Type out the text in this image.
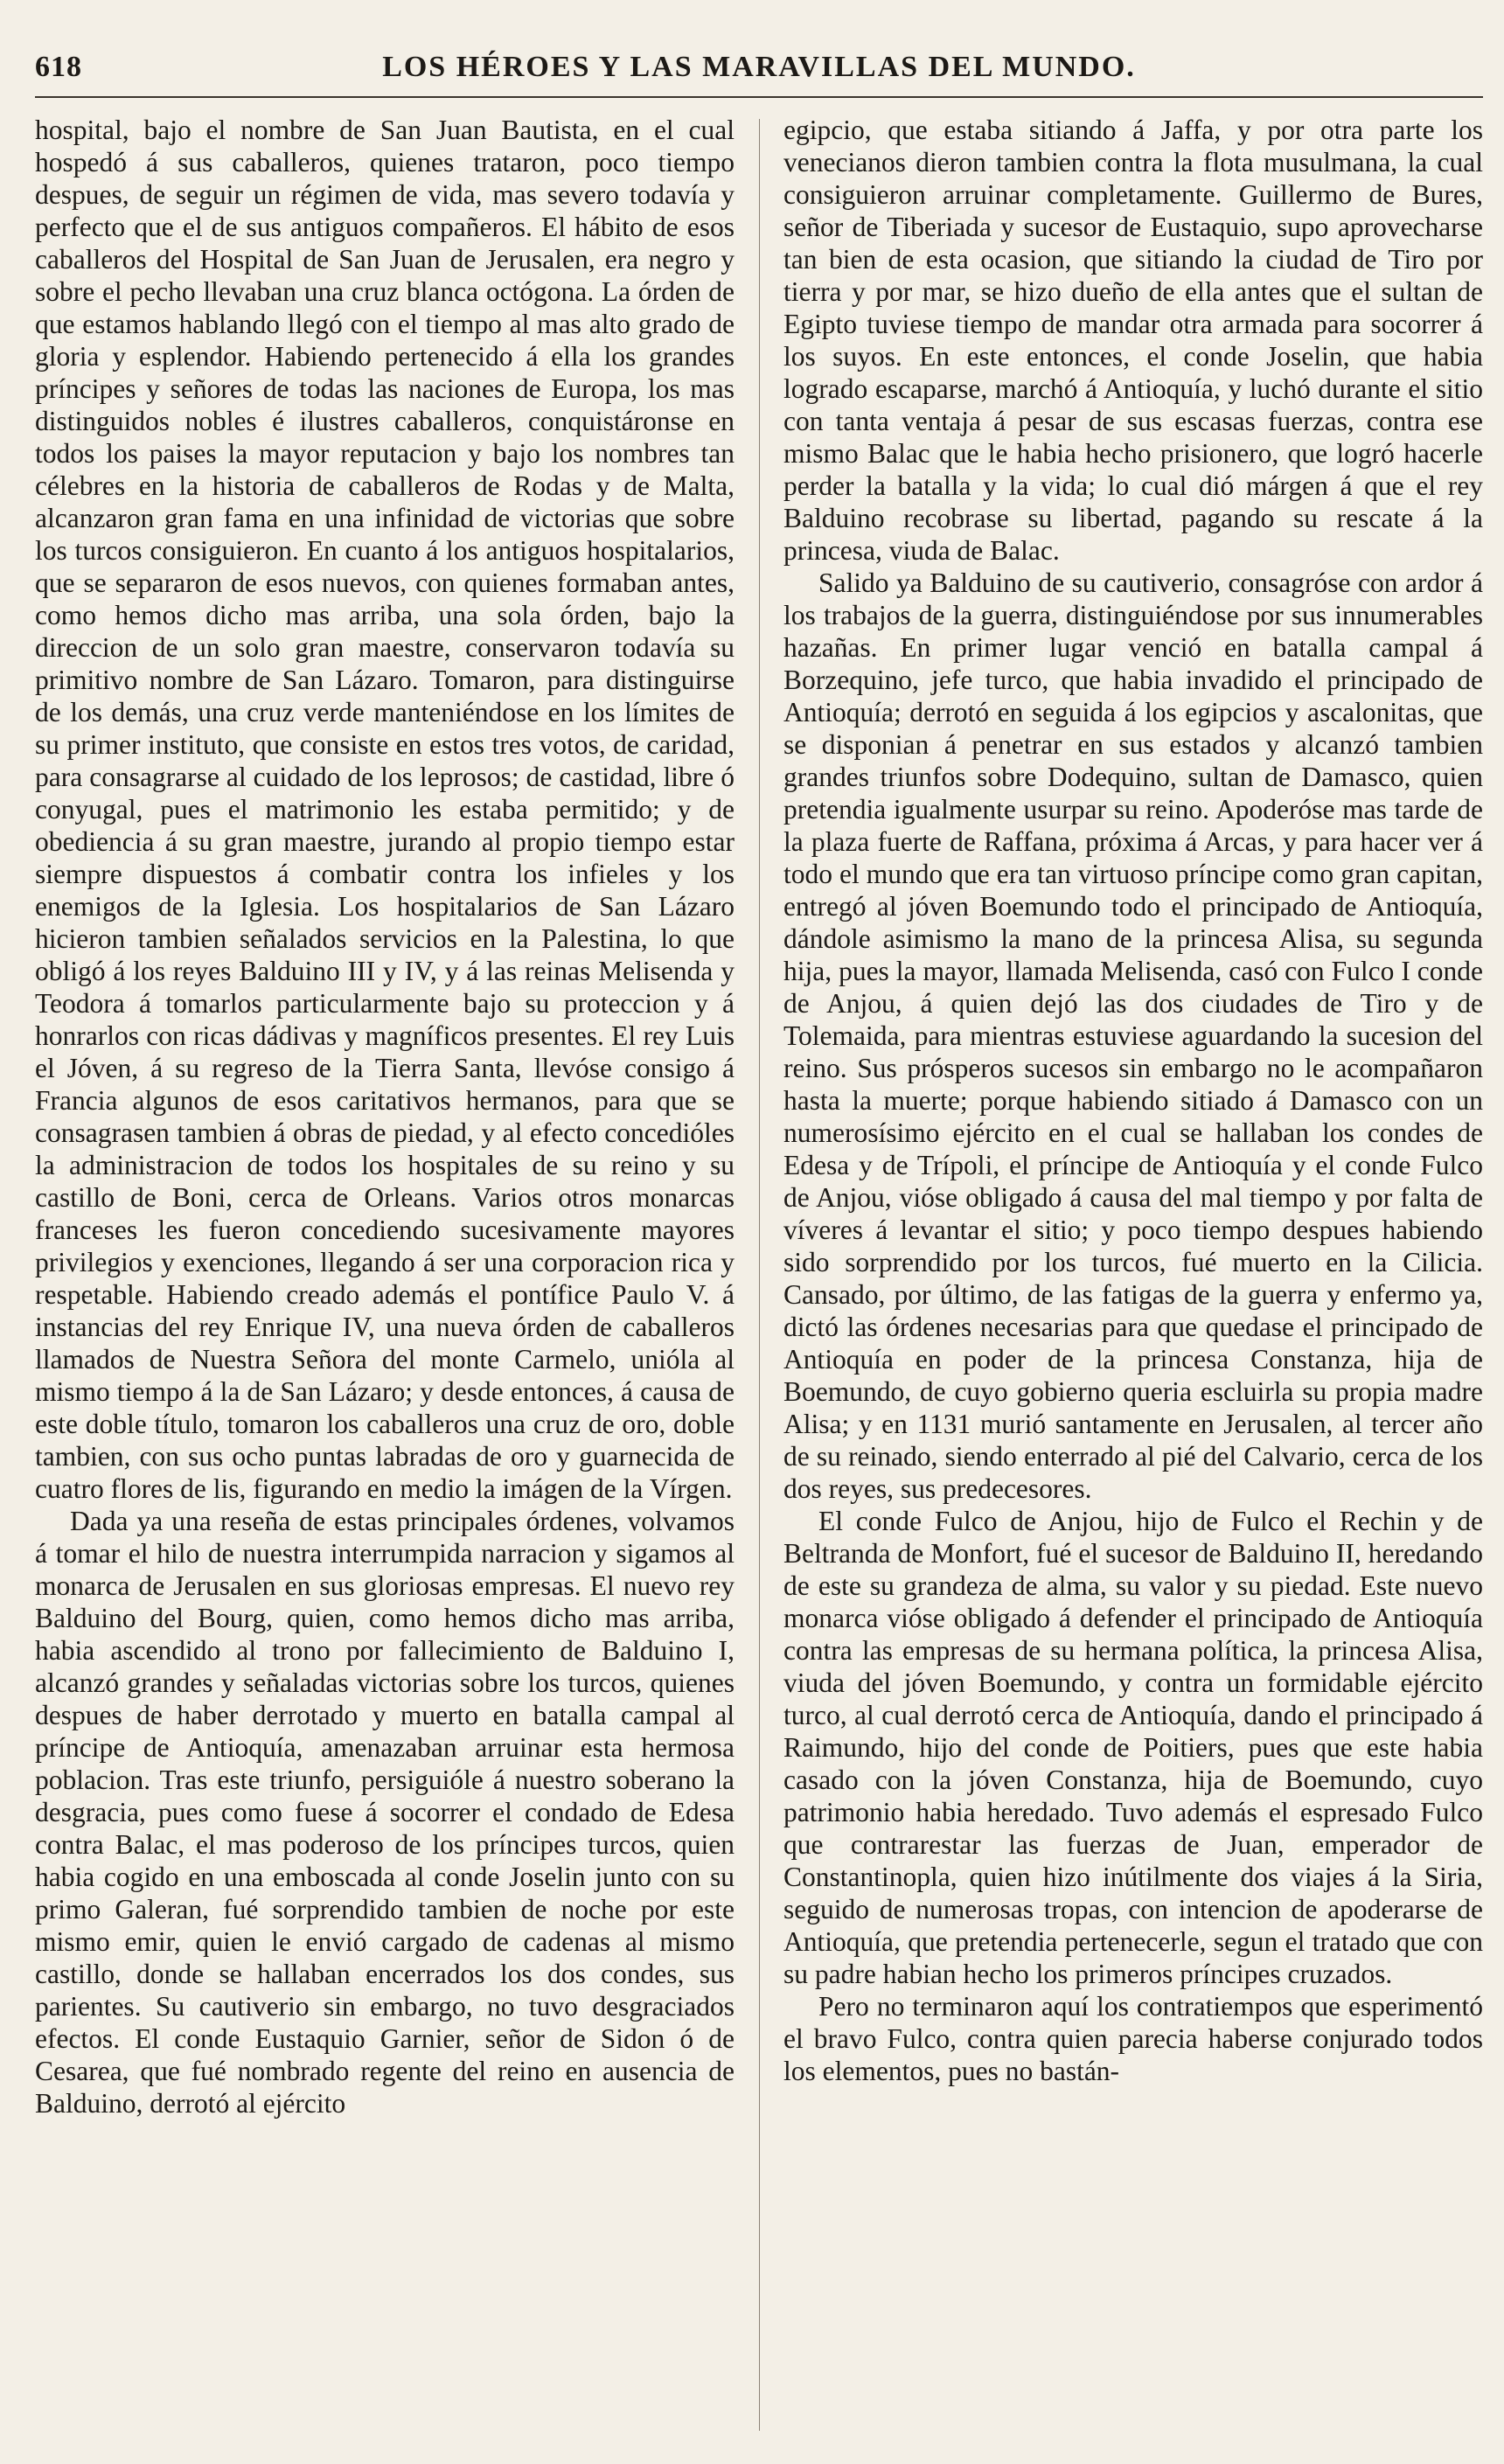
618	LOS HÉROES Y LAS MARAVILLAS DEL MUNDO.

hospital, bajo el nombre de San Juan Bautista, en el cual hospedó á sus caballeros, quienes trataron, poco tiempo despues, de seguir un régimen de vida, mas severo todavía y perfecto que el de sus antiguos compañeros. El hábito de esos caballeros del Hospital de San Juan de Jerusalen, era negro y sobre el pecho llevaban una cruz blanca octógona. La órden de que estamos hablando llegó con el tiempo al mas alto grado de gloria y esplendor. Habiendo pertenecido á ella los grandes príncipes y señores de todas las naciones de Europa, los mas distinguidos nobles é ilustres caballeros, conquistáronse en todos los paises la mayor reputacion y bajo los nombres tan célebres en la historia de caballeros de Rodas y de Malta, alcanzaron gran fama en una infinidad de victorias que sobre los turcos consiguieron. En cuanto á los antiguos hospitalarios, que se separaron de esos nuevos, con quienes formaban antes, como hemos dicho mas arriba, una sola órden, bajo la direccion de un solo gran maestre, conservaron todavía su primitivo nombre de San Lázaro. Tomaron, para distinguirse de los demás, una cruz verde manteniéndose en los límites de su primer instituto, que consiste en estos tres votos, de caridad, para consagrarse al cuidado de los leprosos; de castidad, libre ó conyugal, pues el matrimonio les estaba permitido; y de obediencia á su gran maestre, jurando al propio tiempo estar siempre dispuestos á combatir contra los infieles y los enemigos de la Iglesia. Los hospitalarios de San Lázaro hicieron tambien señalados servicios en la Palestina, lo que obligó á los reyes Balduino III y IV, y á las reinas Melisenda y Teodora á tomarlos particularmente bajo su proteccion y á honrarlos con ricas dádivas y magníficos presentes. El rey Luis el Jóven, á su regreso de la Tierra Santa, llevóse consigo á Francia algunos de esos caritativos hermanos, para que se consagrasen tambien á obras de piedad, y al efecto concedióles la administracion de todos los hospitales de su reino y su castillo de Boni, cerca de Orleans. Varios otros monarcas franceses les fueron concediendo sucesivamente mayores privilegios y exenciones, llegando á ser una corporacion rica y respetable. Habiendo creado además el pontífice Paulo V. á instancias del rey Enrique IV, una nueva órden de caballeros llamados de Nuestra Señora del monte Carmelo, unióla al mismo tiempo á la de San Lázaro; y desde entonces, á causa de este doble título, tomaron los caballeros una cruz de oro, doble tambien, con sus ocho puntas labradas de oro y guarnecida de cuatro flores de lis, figurando en medio la imágen de la Vírgen.

Dada ya una reseña de estas principales órdenes, volvamos á tomar el hilo de nuestra interrumpida narracion y sigamos al monarca de Jerusalen en sus gloriosas empresas. El nuevo rey Balduino del Bourg, quien, como hemos dicho mas arriba, habia ascendido al trono por fallecimiento de Balduino I, alcanzó grandes y señaladas victorias sobre los turcos, quienes despues de haber derrotado y muerto en batalla campal al príncipe de Antioquía, amenazaban arruinar esta hermosa poblacion. Tras este triunfo, persiguióle á nuestro soberano la desgracia, pues como fuese á socorrer el condado de Edesa contra Balac, el mas poderoso de los príncipes turcos, quien habia cogido en una emboscada al conde Joselin junto con su primo Galeran, fué sorprendido tambien de noche por este mismo emir, quien le envió cargado de cadenas al mismo castillo, donde se hallaban encerrados los dos condes, sus parientes. Su cautiverio sin embargo, no tuvo desgraciados efectos. El conde Eustaquio Garnier, señor de Sidon ó de Cesarea, que fué nombrado regente del reino en ausencia de Balduino, derrotó al ejército

egipcio, que estaba sitiando á Jaffa, y por otra parte los venecianos dieron tambien contra la flota musulmana, la cual consiguieron arruinar completamente. Guillermo de Bures, señor de Tiberiada y sucesor de Eustaquio, supo aprovecharse tan bien de esta ocasion, que sitiando la ciudad de Tiro por tierra y por mar, se hizo dueño de ella antes que el sultan de Egipto tuviese tiempo de mandar otra armada para socorrer á los suyos. En este entonces, el conde Joselin, que habia logrado escaparse, marchó á Antioquía, y luchó durante el sitio con tanta ventaja á pesar de sus escasas fuerzas, contra ese mismo Balac que le habia hecho prisionero, que logró hacerle perder la batalla y la vida; lo cual dió márgen á que el rey Balduino recobrase su libertad, pagando su rescate á la princesa, viuda de Balac.

Salido ya Balduino de su cautiverio, consagróse con ardor á los trabajos de la guerra, distinguiéndose por sus innumerables hazañas. En primer lugar venció en batalla campal á Borzequino, jefe turco, que habia invadido el principado de Antioquía; derrotó en seguida á los egipcios y ascalonitas, que se disponian á penetrar en sus estados y alcanzó tambien grandes triunfos sobre Dodequino, sultan de Damasco, quien pretendia igualmente usurpar su reino. Apoderóse mas tarde de la plaza fuerte de Raffana, próxima á Arcas, y para hacer ver á todo el mundo que era tan virtuoso príncipe como gran capitan, entregó al jóven Boemundo todo el principado de Antioquía, dándole asimismo la mano de la princesa Alisa, su segunda hija, pues la mayor, llamada Melisenda, casó con Fulco I conde de Anjou, á quien dejó las dos ciudades de Tiro y de Tolemaida, para mientras estuviese aguardando la sucesion del reino. Sus prósperos sucesos sin embargo no le acompañaron hasta la muerte; porque habiendo sitiado á Damasco con un numerosísimo ejército en el cual se hallaban los condes de Edesa y de Trípoli, el príncipe de Antioquía y el conde Fulco de Anjou, vióse obligado á causa del mal tiempo y por falta de víveres á levantar el sitio; y poco tiempo despues habiendo sido sorprendido por los turcos, fué muerto en la Cilicia. Cansado, por último, de las fatigas de la guerra y enfermo ya, dictó las órdenes necesarias para que quedase el principado de Antioquía en poder de la princesa Constanza, hija de Boemundo, de cuyo gobierno queria escluirla su propia madre Alisa; y en 1131 murió santamente en Jerusalen, al tercer año de su reinado, siendo enterrado al pié del Calvario, cerca de los dos reyes, sus predecesores.

El conde Fulco de Anjou, hijo de Fulco el Rechin y de Beltranda de Monfort, fué el sucesor de Balduino II, heredando de este su grandeza de alma, su valor y su piedad. Este nuevo monarca vióse obligado á defender el principado de Antioquía contra las empresas de su hermana política, la princesa Alisa, viuda del jóven Boemundo, y contra un formidable ejército turco, al cual derrotó cerca de Antioquía, dando el principado á Raimundo, hijo del conde de Poitiers, pues que este habia casado con la jóven Constanza, hija de Boemundo, cuyo patrimonio habia heredado. Tuvo además el espresado Fulco que contrarestar las fuerzas de Juan, emperador de Constantinopla, quien hizo inútilmente dos viajes á la Siria, seguido de numerosas tropas, con intencion de apoderarse de Antioquía, que pretendia pertenecerle, segun el tratado que con su padre habian hecho los primeros príncipes cruzados.

Pero no terminaron aquí los contratiempos que esperimentó el bravo Fulco, contra quien parecia haberse conjurado todos los elementos, pues no bastán-
